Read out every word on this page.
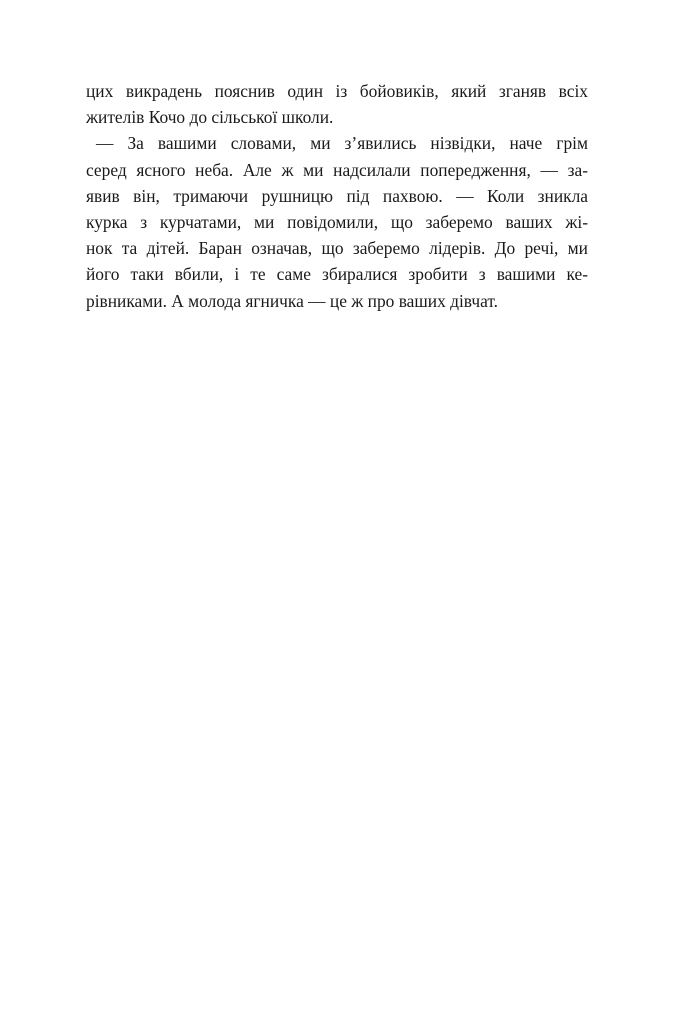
цих викрадень пояснив один із бойовиків, який зганяв всіх
жителів Кочо до сільської школи.
— За вашими словами, ми з’явились нізвідки, наче грім
серед ясного неба. Але ж ми надсилали попередження, — за-
явив він, тримаючи рушницю під пахвою. — Коли зникла
курка з курчатами, ми повідомили, що заберемо ваших жі-
нок та дітей. Баран означав, що заберемо лідерів. До речі, ми
його таки вбили, і те саме збиралися зробити з вашими ке-
рівниками. А молода ягничка — це ж про ваших дівчат.
